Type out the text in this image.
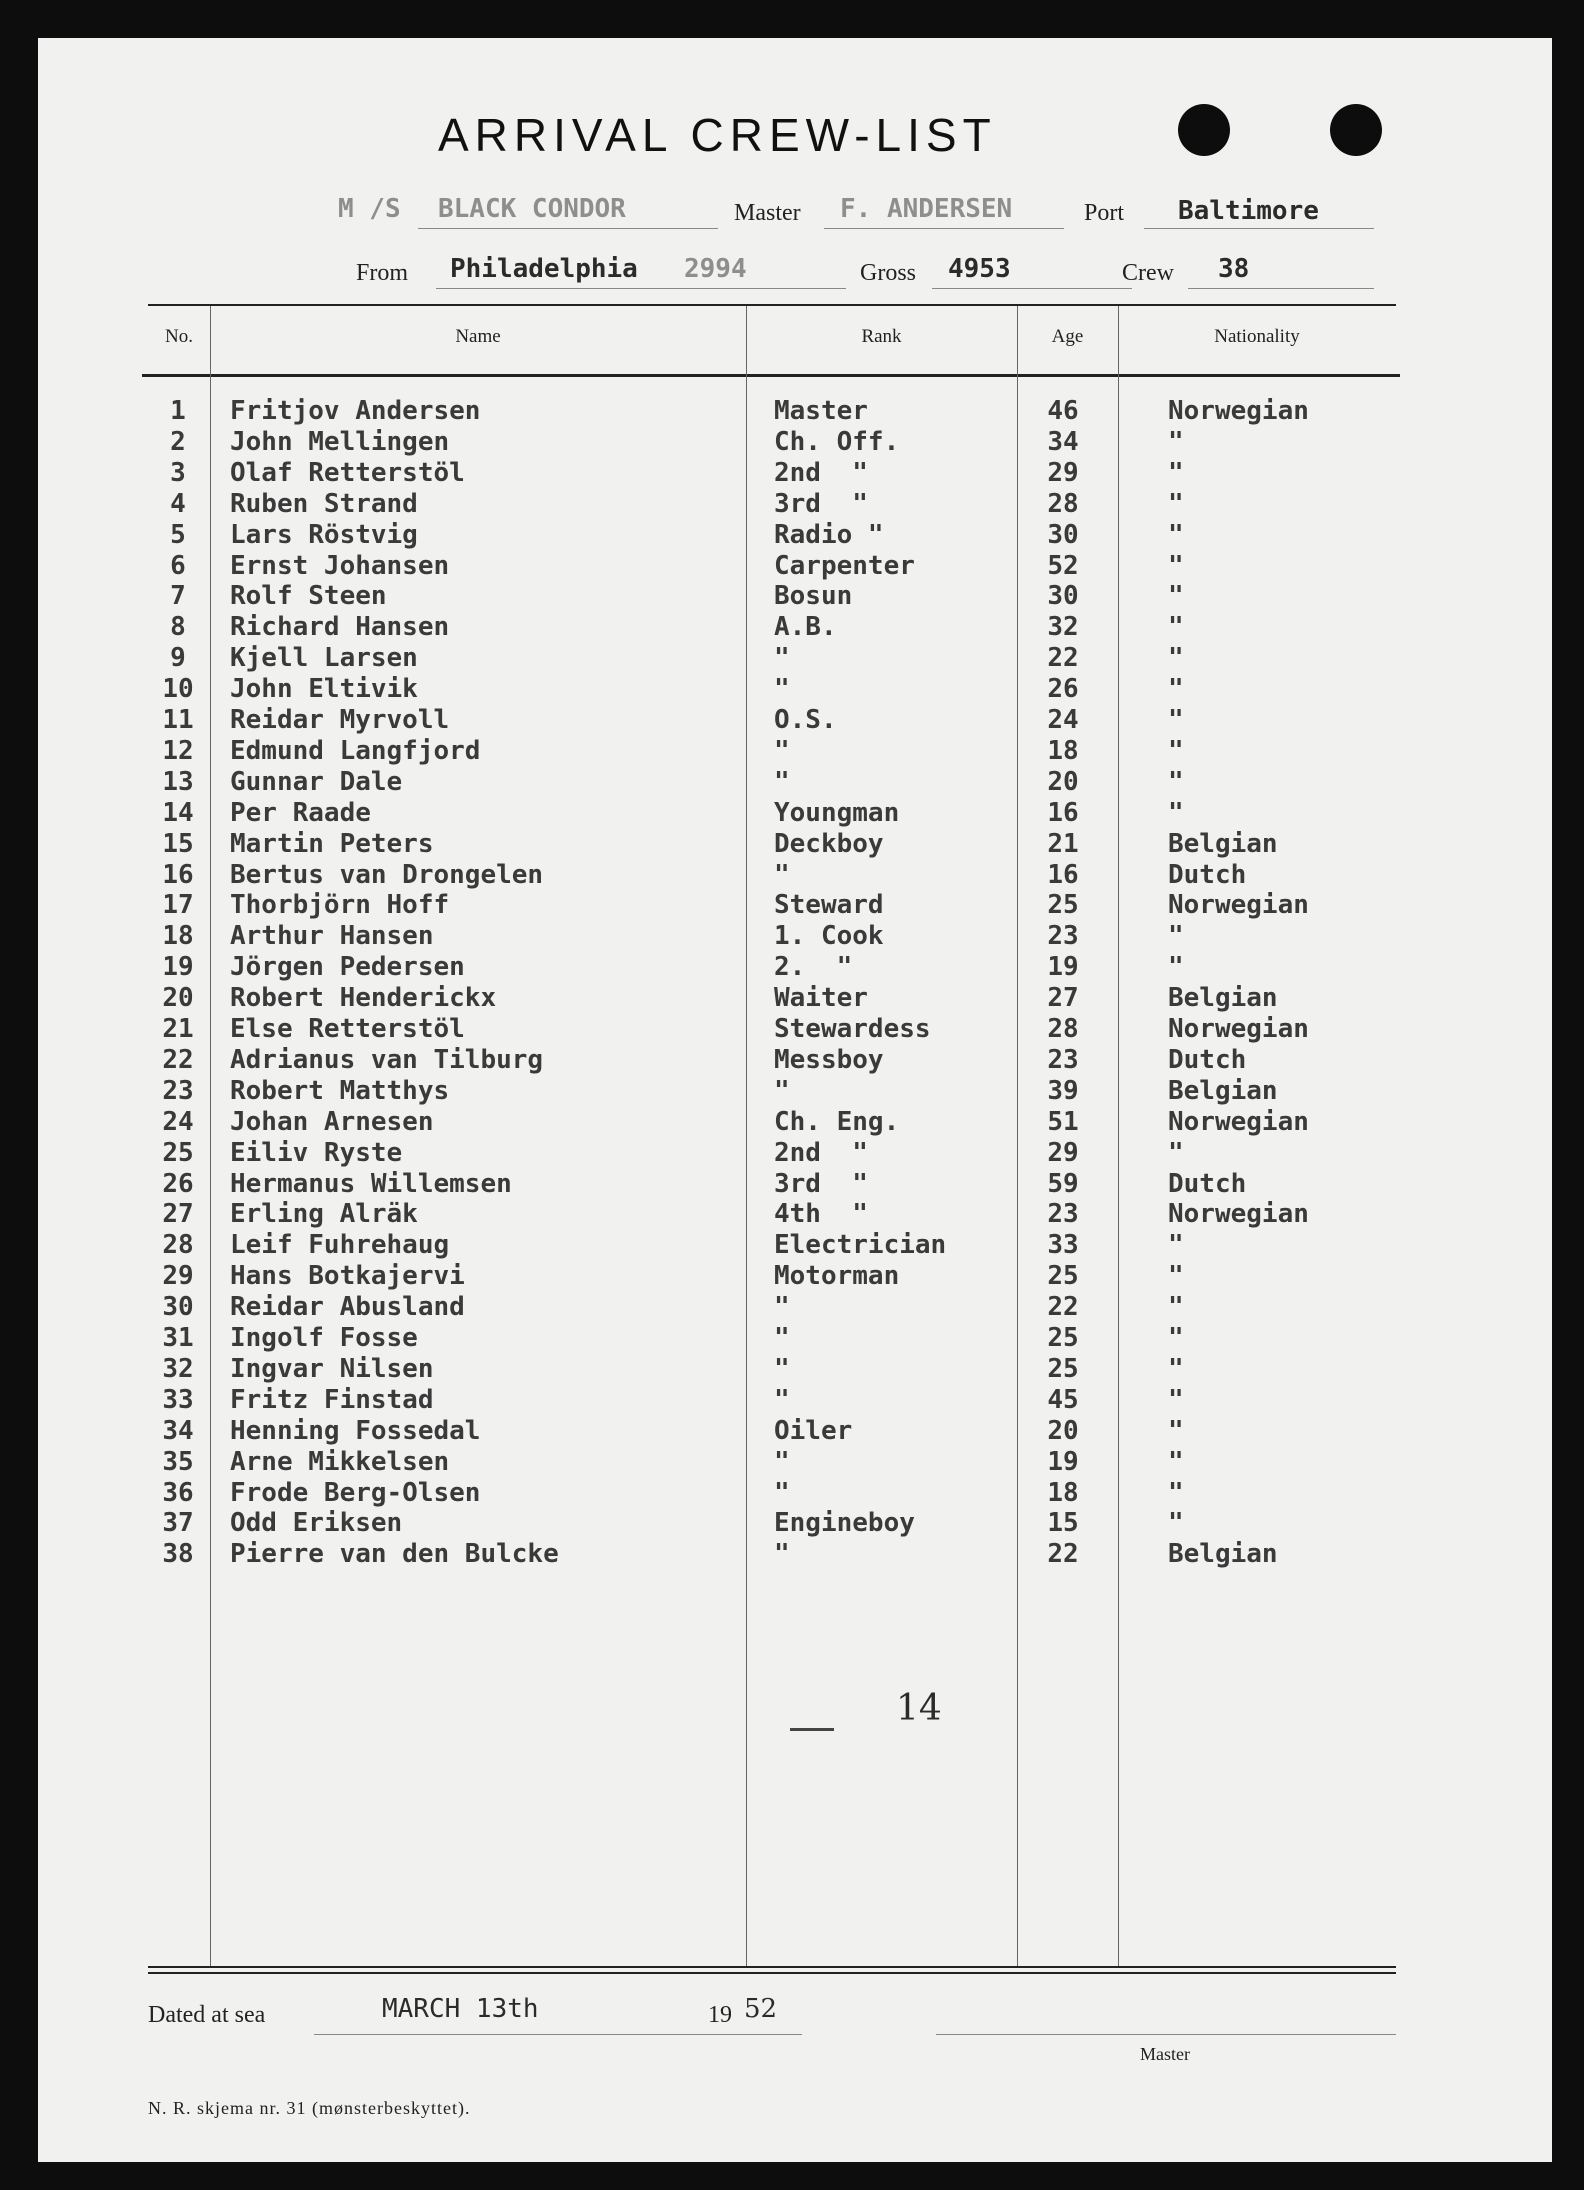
ARRIVAL CREW-LIST
M /S BLACK CONDOR	Master F. ANDERSEN	Port Baltimore
From Philadelphia 2994	Gross 4953	Crew 38
No.	Name	Rank	Age	Nationality
1	Fritjov Andersen	Master	46	Norwegian
2	John Mellingen	Ch. Off.	34	"
3	Olaf Retterstöl	2nd  "	29	"
4	Ruben Strand	3rd  "	28	"
5	Lars Röstvig	Radio "	30	"
6	Ernst Johansen	Carpenter	52	"
7	Rolf Steen	Bosun	30	"
8	Richard Hansen	A.B.	32	"
9	Kjell Larsen	"	22	"
10	John Eltivik	"	26	"
11	Reidar Myrvoll	O.S.	24	"
12	Edmund Langfjord	"	18	"
13	Gunnar Dale	"	20	"
14	Per Raade	Youngman	16	"
15	Martin Peters	Deckboy	21	Belgian
16	Bertus van Drongelen	"	16	Dutch
17	Thorbjörn Hoff	Steward	25	Norwegian
18	Arthur Hansen	1. Cook	23	"
19	Jörgen Pedersen	2.  "	19	"
20	Robert Henderickx	Waiter	27	Belgian
21	Else Retterstöl	Stewardess	28	Norwegian
22	Adrianus van Tilburg	Messboy	23	Dutch
23	Robert Matthys	"	39	Belgian
24	Johan Arnesen	Ch. Eng.	51	Norwegian
25	Eiliv Ryste	2nd  "	29	"
26	Hermanus Willemsen	3rd  "	59	Dutch
27	Erling Alräk	4th  "	23	Norwegian
28	Leif Fuhrehaug	Electrician	33	"
29	Hans Botkajervi	Motorman	25	"
30	Reidar Abusland	"	22	"
31	Ingolf Fosse	"	25	"
32	Ingvar Nilsen	"	25	"
33	Fritz Finstad	"	45	"
34	Henning Fossedal	Oiler	20	"
35	Arne Mikkelsen	"	19	"
36	Frode Berg-Olsen	"	18	"
37	Odd Eriksen	Engineboy	15	"
38	Pierre van den Bulcke	"	22	Belgian
14
Dated at sea	MARCH 13th	19 52
Master
N. R. skjema nr. 31 (mønsterbeskyttet).
